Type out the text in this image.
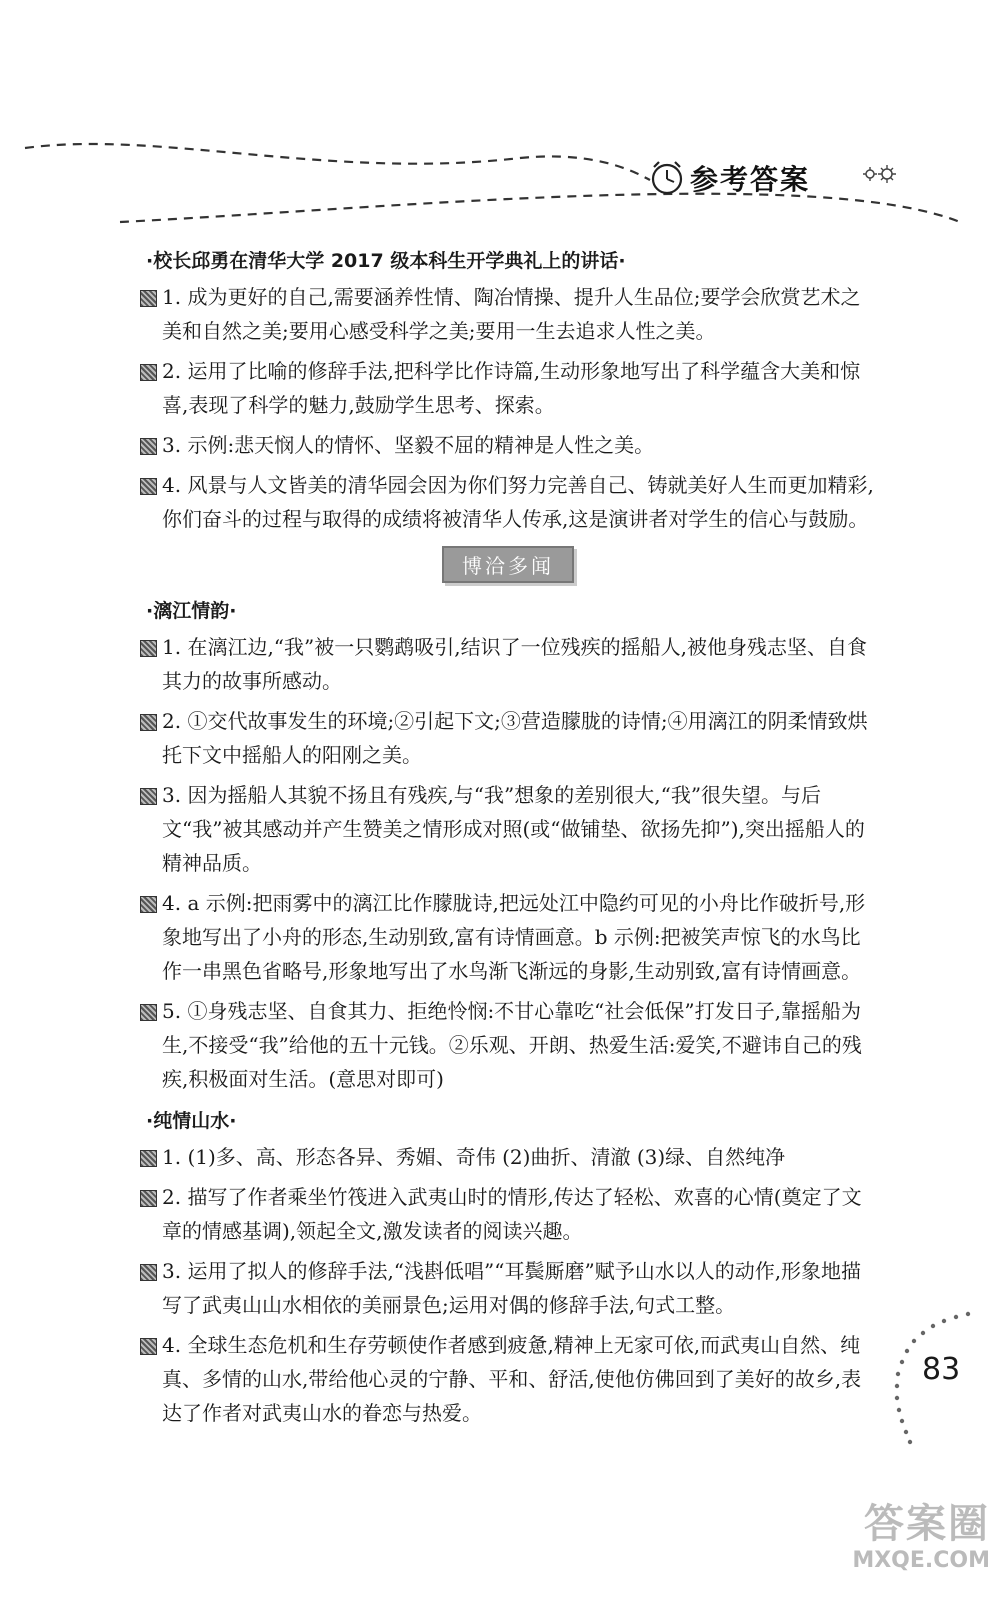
参考答案
·校长邱勇在清华大学 2017 级本科生开学典礼上的讲话·
1. 成为更好的自己,需要涵养性情、陶冶情操、提升人生品位;要学会欣赏艺术之美和自然之美;要用心感受科学之美;要用一生去追求人性之美。
2. 运用了比喻的修辞手法,把科学比作诗篇,生动形象地写出了科学蕴含大美和惊喜,表现了科学的魅力,鼓励学生思考、探索。
3. 示例:悲天悯人的情怀、坚毅不屈的精神是人性之美。
4. 风景与人文皆美的清华园会因为你们努力完善自己、铸就美好人生而更加精彩,你们奋斗的过程与取得的成绩将被清华人传承,这是演讲者对学生的信心与鼓励。
博洽多闻
·漓江情韵·
1. 在漓江边,“我”被一只鹦鹉吸引,结识了一位残疾的摇船人,被他身残志坚、自食其力的故事所感动。
2. ①交代故事发生的环境;②引起下文;③营造朦胧的诗情;④用漓江的阴柔情致烘托下文中摇船人的阳刚之美。
3. 因为摇船人其貌不扬且有残疾,与“我”想象的差别很大,“我”很失望。与后文“我”被其感动并产生赞美之情形成对照(或“做铺垫、欲扬先抑”),突出摇船人的精神品质。
4. a 示例:把雨雾中的漓江比作朦胧诗,把远处江中隐约可见的小舟比作破折号,形象地写出了小舟的形态,生动别致,富有诗情画意。b 示例:把被笑声惊飞的水鸟比作一串黑色省略号,形象地写出了水鸟渐飞渐远的身影,生动别致,富有诗情画意。
5. ①身残志坚、自食其力、拒绝怜悯:不甘心靠吃“社会低保”打发日子,靠摇船为生,不接受“我”给他的五十元钱。②乐观、开朗、热爱生活:爱笑,不避讳自己的残疾,积极面对生活。(意思对即可)
·纯情山水·
1. (1)多、高、形态各异、秀媚、奇伟 (2)曲折、清澈 (3)绿、自然纯净
2. 描写了作者乘坐竹筏进入武夷山时的情形,传达了轻松、欢喜的心情(奠定了文章的情感基调),领起全文,激发读者的阅读兴趣。
3. 运用了拟人的修辞手法,“浅斟低唱”“耳鬓厮磨”赋予山水以人的动作,形象地描写了武夷山山水相依的美丽景色;运用对偶的修辞手法,句式工整。
4. 全球生态危机和生存劳顿使作者感到疲惫,精神上无家可依,而武夷山自然、纯真、多情的山水,带给他心灵的宁静、平和、舒活,使他仿佛回到了美好的故乡,表达了作者对武夷山水的眷恋与热爱。
83
答案圈
MXQE.COM
